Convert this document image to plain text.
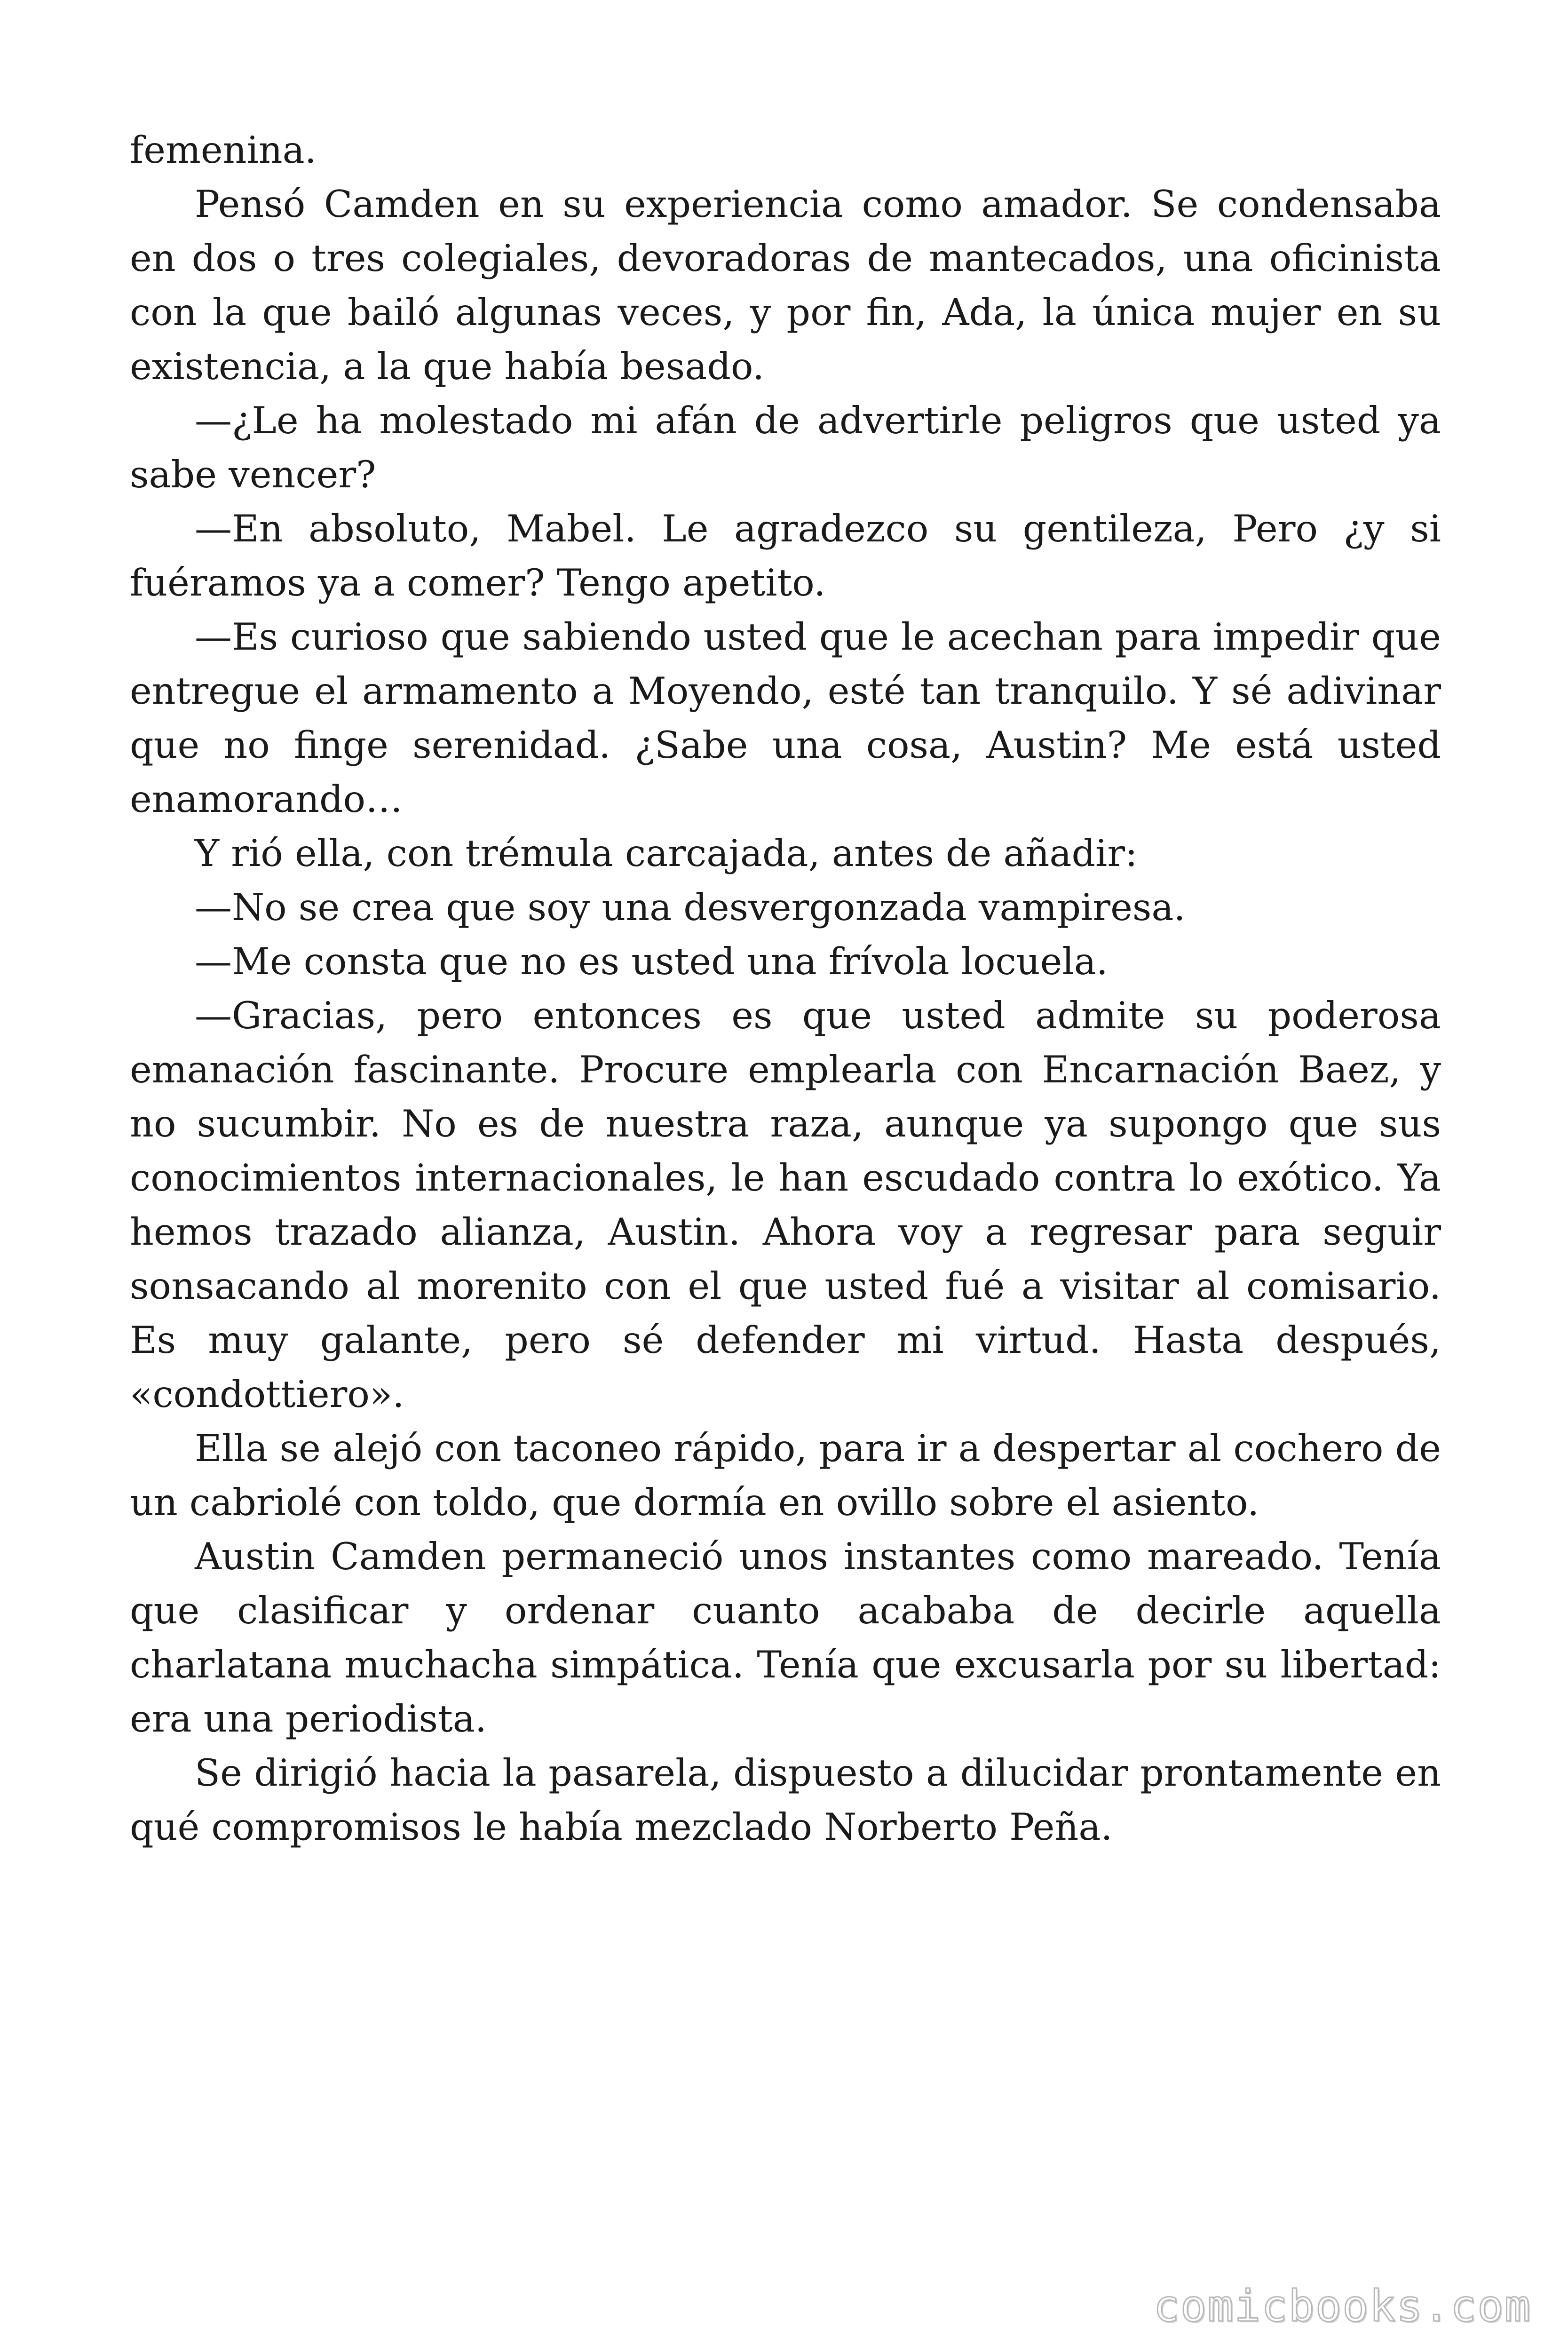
femenina.

Pensó Camden en su experiencia como amador. Se condensaba en dos o tres colegiales, devoradoras de mantecados, una oficinista con la que bailó algunas veces, y por fin, Ada, la única mujer en su existencia, a la que había besado.

—¿Le ha molestado mi afán de advertirle peligros que usted ya sabe vencer?

—En absoluto, Mabel. Le agradezco su gentileza, Pero ¿y si fuéramos ya a comer? Tengo apetito.

—Es curioso que sabiendo usted que le acechan para impedir que entregue el armamento a Moyendo, esté tan tranquilo. Y sé adivinar que no finge serenidad. ¿Sabe una cosa, Austin? Me está usted enamorando…

Y rió ella, con trémula carcajada, antes de añadir:

—No se crea que soy una desvergonzada vampiresa.

—Me consta que no es usted una frívola locuela.

—Gracias, pero entonces es que usted admite su poderosa emanación fascinante. Procure emplearla con Encarnación Baez, y no sucumbir. No es de nuestra raza, aunque ya supongo que sus conocimientos internacionales, le han escudado contra lo exótico. Ya hemos trazado alianza, Austin. Ahora voy a regresar para seguir sonsacando al morenito con el que usted fué a visitar al comisario. Es muy galante, pero sé defender mi virtud. Hasta después, «condottiero».

Ella se alejó con taconeo rápido, para ir a despertar al cochero de un cabriolé con toldo, que dormía en ovillo sobre el asiento.

Austin Camden permaneció unos instantes como mareado. Tenía que clasificar y ordenar cuanto acababa de decirle aquella charlatana muchacha simpática. Tenía que excusarla por su libertad: era una periodista.

Se dirigió hacia la pasarela, dispuesto a dilucidar prontamente en qué compromisos le había mezclado Norberto Peña.

comicbooks.com
